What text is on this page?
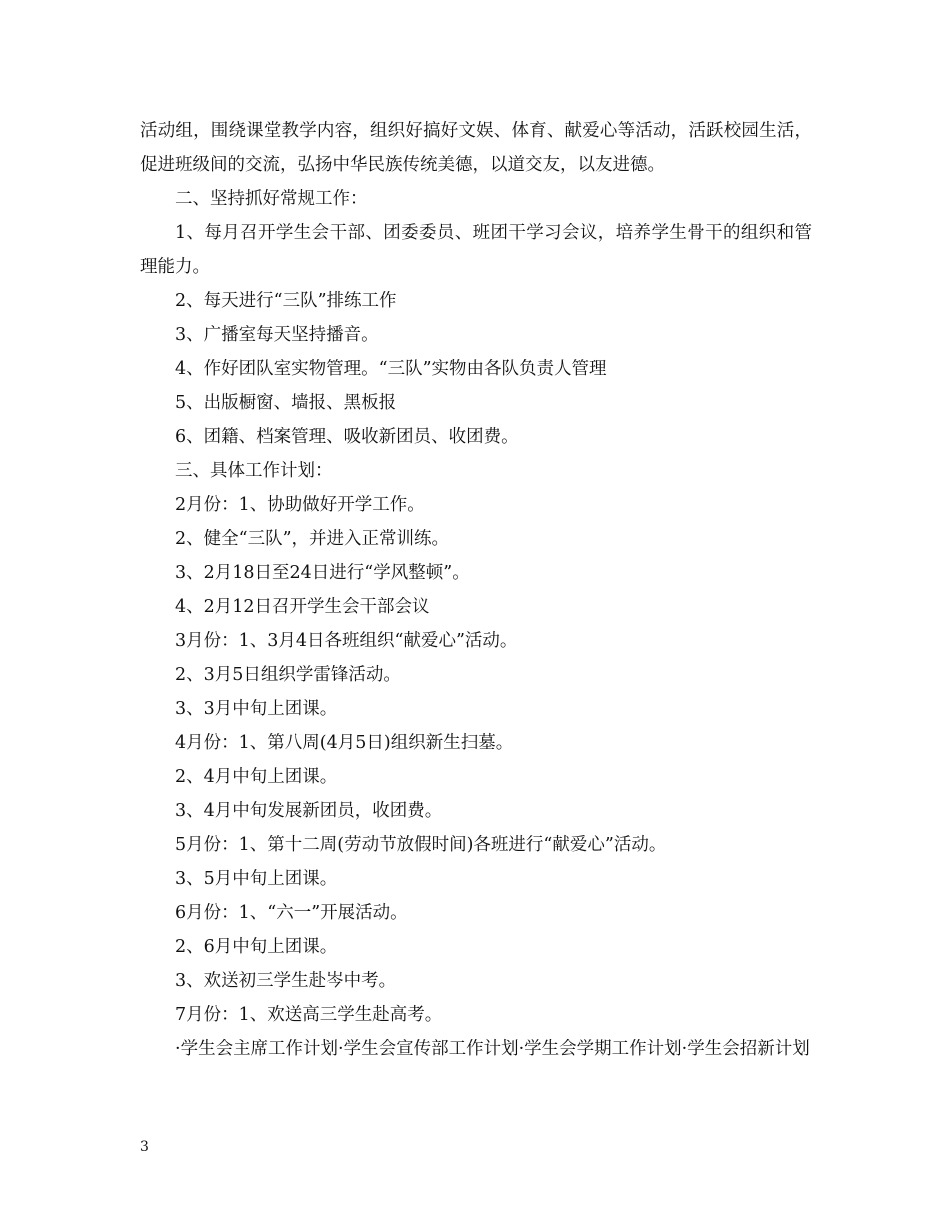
活动组，围绕课堂教学内容，组织好搞好文娱、体育、献爱心等活动，活跃校园生活，促进班级间的交流，弘扬中华民族传统美德，以道交友，以友进德。

二、坚持抓好常规工作：

1、每月召开学生会干部、团委委员、班团干学习会议，培养学生骨干的组织和管理能力。

2、每天进行“三队”排练工作

3、广播室每天坚持播音。

4、作好团队室实物管理。“三队”实物由各队负责人管理

5、出版橱窗、墙报、黑板报

6、团籍、档案管理、吸收新团员、收团费。

三、具体工作计划：

2月份：1、协助做好开学工作。

2、健全“三队”，并进入正常训练。

3、2月18日至24日进行“学风整顿”。

4、2月12日召开学生会干部会议

3月份：1、3月4日各班组织“献爱心”活动。

2、3月5日组织学雷锋活动。

3、3月中旬上团课。

4月份：1、第八周(4月5日)组织新生扫墓。

2、4月中旬上团课。

3、4月中旬发展新团员，收团费。

5月份：1、第十二周(劳动节放假时间)各班进行“献爱心”活动。

3、5月中旬上团课。

6月份：1、“六一”开展活动。

2、6月中旬上团课。

3、欢送初三学生赴岑中考。

7月份：1、欢送高三学生赴高考。

·学生会主席工作计划·学生会宣传部工作计划·学生会学期工作计划·学生会招新计划

3
